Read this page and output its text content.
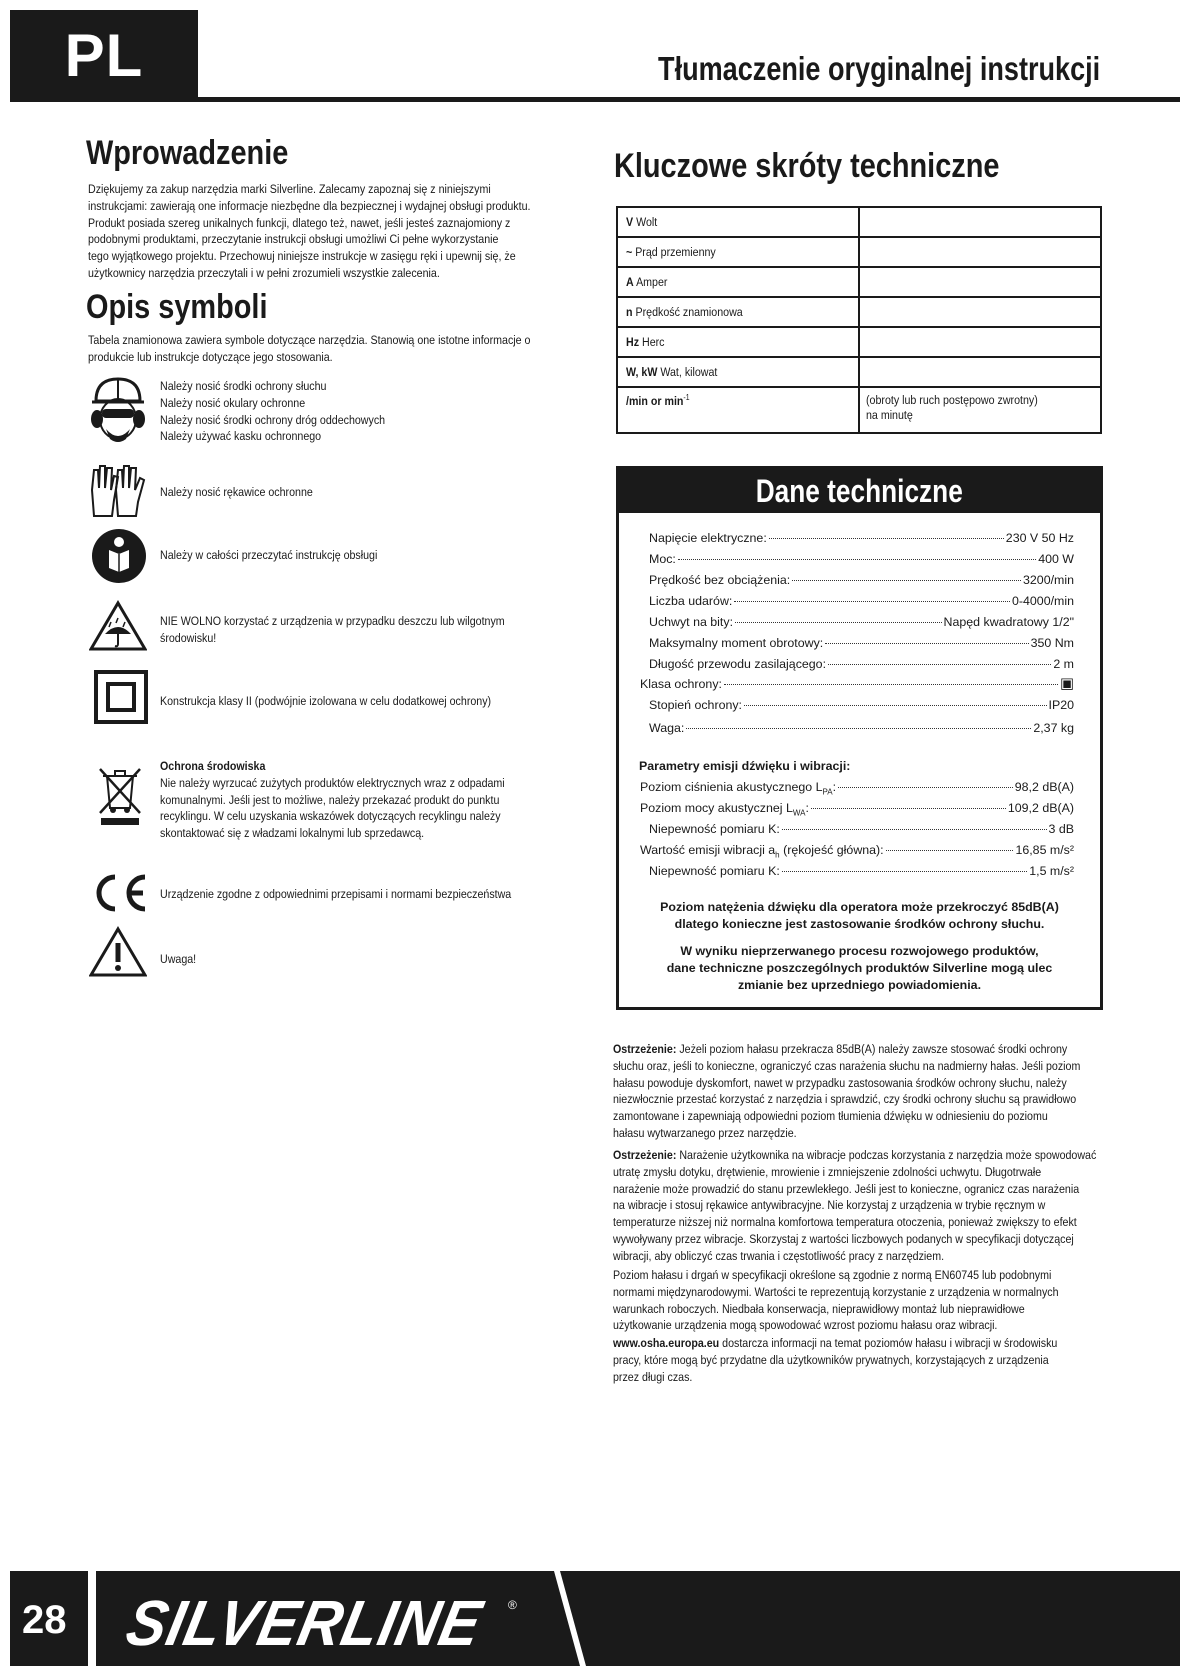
PL	Tłumaczenie oryginalnej instrukcji
Wprowadzenie
Dziękujemy za zakup narzędzia marki Silverline. Zalecamy zapoznaj się z niniejszymi
instrukcjami: zawierają one informacje niezbędne dla bezpiecznej i wydajnej obsługi produktu.
Produkt posiada szereg unikalnych funkcji, dlatego też, nawet, jeśli jesteś zaznajomiony z
podobnymi produktami, przeczytanie instrukcji obsługi umożliwi Ci pełne wykorzystanie
tego wyjątkowego projektu. Przechowuj niniejsze instrukcje w zasięgu ręki i upewnij się, że
użytkownicy narzędzia przeczytali i w pełni zrozumieli wszystkie zalecenia.
Opis symboli
Tabela znamionowa zawiera symbole dotyczące narzędzia. Stanowią one istotne informacje o
produkcie lub instrukcje dotyczące jego stosowania.
Należy nosić środki ochrony słuchu
Należy nosić okulary ochronne
Należy nosić środki ochrony dróg oddechowych
Należy używać kasku ochronnego
Należy nosić rękawice ochronne
Należy w całości przeczytać instrukcję obsługi
NIE WOLNO korzystać z urządzenia w przypadku deszczu lub wilgotnym
środowisku!
Konstrukcja klasy II (podwójnie izolowana w celu dodatkowej ochrony)
Ochrona środowiska
Nie należy wyrzucać zużytych produktów elektrycznych wraz z odpadami
komunalnymi. Jeśli jest to możliwe, należy przekazać produkt do punktu
recyklingu. W celu uzyskania wskazówek dotyczących recyklingu należy
skontaktować się z władzami lokalnymi lub sprzedawcą.
Urządzenie zgodne z odpowiednimi przepisami i normami bezpieczeństwa
Uwaga!
Kluczowe skróty techniczne
V Wolt
~ Prąd przemienny
A Amper
n Prędkość znamionowa
Hz Herc
W, kW Wat, kilowat
/min or $\min^{-1}$	(obroty lub ruch postępowo zwrotny)
na minutę
Dane techniczne
Napięcie elektryczne:	230 V 50 Hz
Moc:	400 W
Prędkość bez obciążenia:	3200/min
Liczba udarów:	0-4000/min
Uchwyt na bity:	Napęd kwadratowy 1/2"
Maksymalny moment obrotowy:	350 Nm
Długość przewodu zasilającego:	2 m
Klasa ochrony:	▣
Stopień ochrony:	IP20
Waga:	2,37 kg
Parametry emisji dźwięku i wibracji:
Poziom ciśnienia akustycznego $L_{PA}$:	98,2 dB(A)
Poziom mocy akustycznej $L_{WA}$:	109,2 dB(A)
Niepewność pomiaru K:	3 dB
Wartość emisji wibracji $a_h$ (rękojeść główna):	16,85 m/s²
Niepewność pomiaru K:	1,5 m/s²
Poziom natężenia dźwięku dla operatora może przekroczyć 85dB(A)
dlatego konieczne jest zastosowanie środków ochrony słuchu.
W wyniku nieprzerwanego procesu rozwojowego produktów,
dane techniczne poszczególnych produktów Silverline mogą ulec
zmianie bez uprzedniego powiadomienia.
Ostrzeżenie: Jeżeli poziom hałasu przekracza 85dB(A) należy zawsze stosować środki ochrony
słuchu oraz, jeśli to konieczne, ograniczyć czas narażenia słuchu na nadmierny hałas. Jeśli poziom
hałasu powoduje dyskomfort, nawet w przypadku zastosowania środków ochrony słuchu, należy
niezwłocznie przestać korzystać z narzędzia i sprawdzić, czy środki ochrony słuchu są prawidłowo
zamontowane i zapewniają odpowiedni poziom tłumienia dźwięku w odniesieniu do poziomu
hałasu wytwarzanego przez narzędzie.
Ostrzeżenie: Narażenie użytkownika na wibracje podczas korzystania z narzędzia może spowodować
utratę zmysłu dotyku, drętwienie, mrowienie i zmniejszenie zdolności uchwytu. Długotrwałe
narażenie może prowadzić do stanu przewlekłego. Jeśli jest to konieczne, ogranicz czas narażenia
na wibracje i stosuj rękawice antywibracyjne. Nie korzystaj z urządzenia w trybie ręcznym w
temperaturze niższej niż normalna komfortowa temperatura otoczenia, ponieważ zwiększy to efekt
wywoływany przez wibracje. Skorzystaj z wartości liczbowych podanych w specyfikacji dotyczącej
wibracji, aby obliczyć czas trwania i częstotliwość pracy z narzędziem.
Poziom hałasu i drgań w specyfikacji określone są zgodnie z normą EN60745 lub podobnymi
normami międzynarodowymi. Wartości te reprezentują korzystanie z urządzenia w normalnych
warunkach roboczych. Niedbała konserwacja, nieprawidłowy montaż lub nieprawidłowe
użytkowanie urządzenia mogą spowodować wzrost poziomu hałasu oraz wibracji.
www.osha.europa.eu dostarcza informacji na temat poziomów hałasu i wibracji w środowisku
pracy, które mogą być przydatne dla użytkowników prywatnych, korzystających z urządzenia
przez długi czas.
28 SILVERLINE ®
